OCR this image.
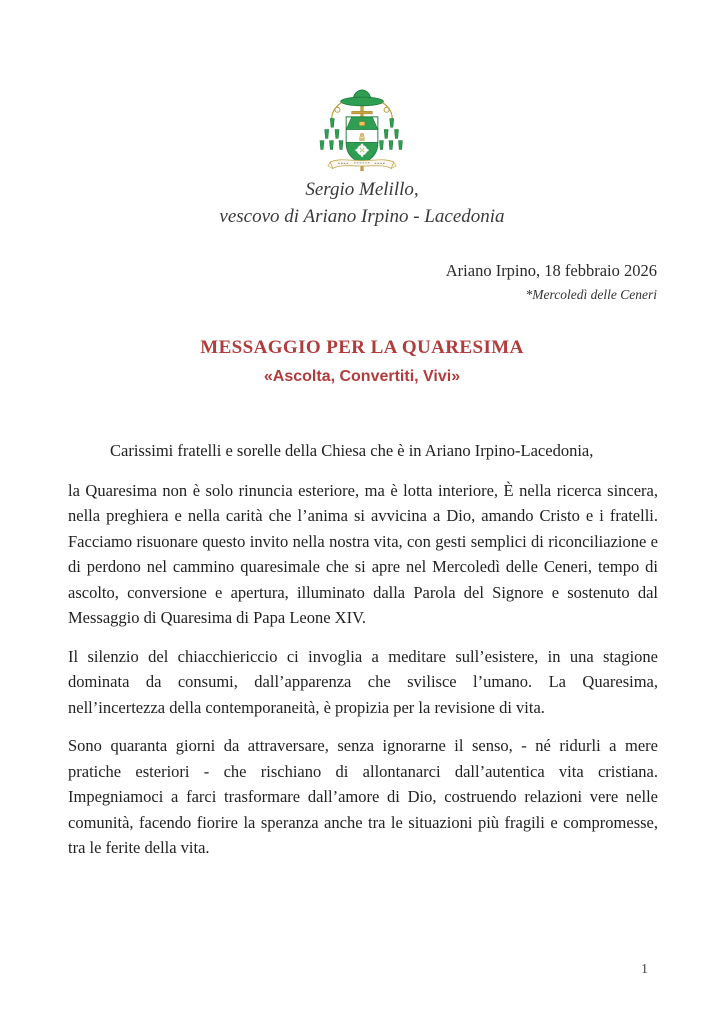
Sergio Melillo,
vescovo di Ariano Irpino - Lacedonia
Ariano Irpino, 18 febbraio 2026
*Mercoledì delle Ceneri
MESSAGGIO PER LA QUARESIMA
«Ascolta, Convertiti, Vivi»

Carissimi fratelli e sorelle della Chiesa che è in Ariano Irpino-Lacedonia,

la Quaresima non è solo rinuncia esteriore, ma è lotta interiore, È nella ricerca sincera, nella preghiera e nella carità che l’anima si avvicina a Dio, amando Cristo e i fratelli. Facciamo risuonare questo invito nella nostra vita, con gesti semplici di riconciliazione e di perdono nel cammino quaresimale che si apre nel Mercoledì delle Ceneri, tempo di ascolto, conversione e apertura, illuminato dalla Parola del Signore e sostenuto dal Messaggio di Quaresima di Papa Leone XIV.

Il silenzio del chiacchiericcio ci invoglia a meditare sull’esistere, in una stagione dominata da consumi, dall’apparenza che svilisce l’umano. La Quaresima, nell’incertezza della contemporaneità, è propizia per la revisione di vita.

Sono quaranta giorni da attraversare, senza ignorarne il senso, - né ridurli a mere pratiche esteriori - che rischiano di allontanarci dall’autentica vita cristiana. Impegniamoci a farci trasformare dall’amore di Dio, costruendo relazioni vere nelle comunità, facendo fiorire la speranza anche tra le situazioni più fragili e compromesse, tra le ferite della vita.

1
